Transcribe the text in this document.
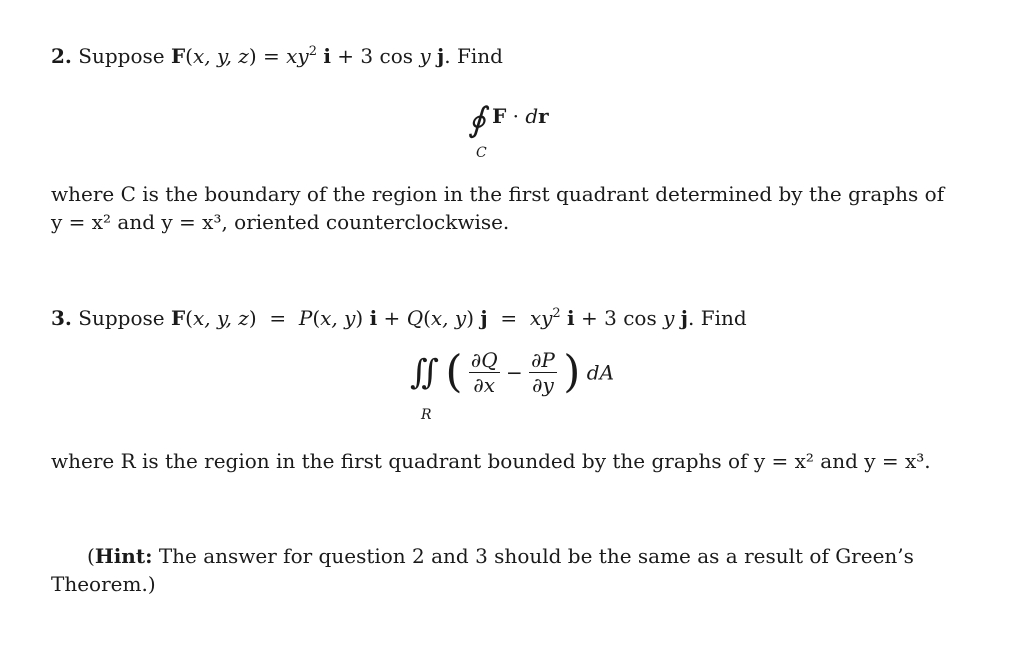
2. Suppose F(x, y, $z) = xy^2$ i + 3 cos y j. Find
∮ F · dr
C
where C is the boundary of the region in the first quadrant determined by the graphs of
y = x² and y = x³, oriented counterclockwise.
3. Suppose F(x, y, z)  =  P(x, y) i + Q(x, y) $j = xy^2$ i + 3 cos y j. Find
∬ ( $\frac{\partial Q}{\partial x} - \frac{\partial P}{\partial y}$ ) dA
R
where R is the region in the first quadrant bounded by the graphs of y = x² and y = x³.
(Hint: The answer for question 2 and 3 should be the same as a result of Green’s
Theorem.)
